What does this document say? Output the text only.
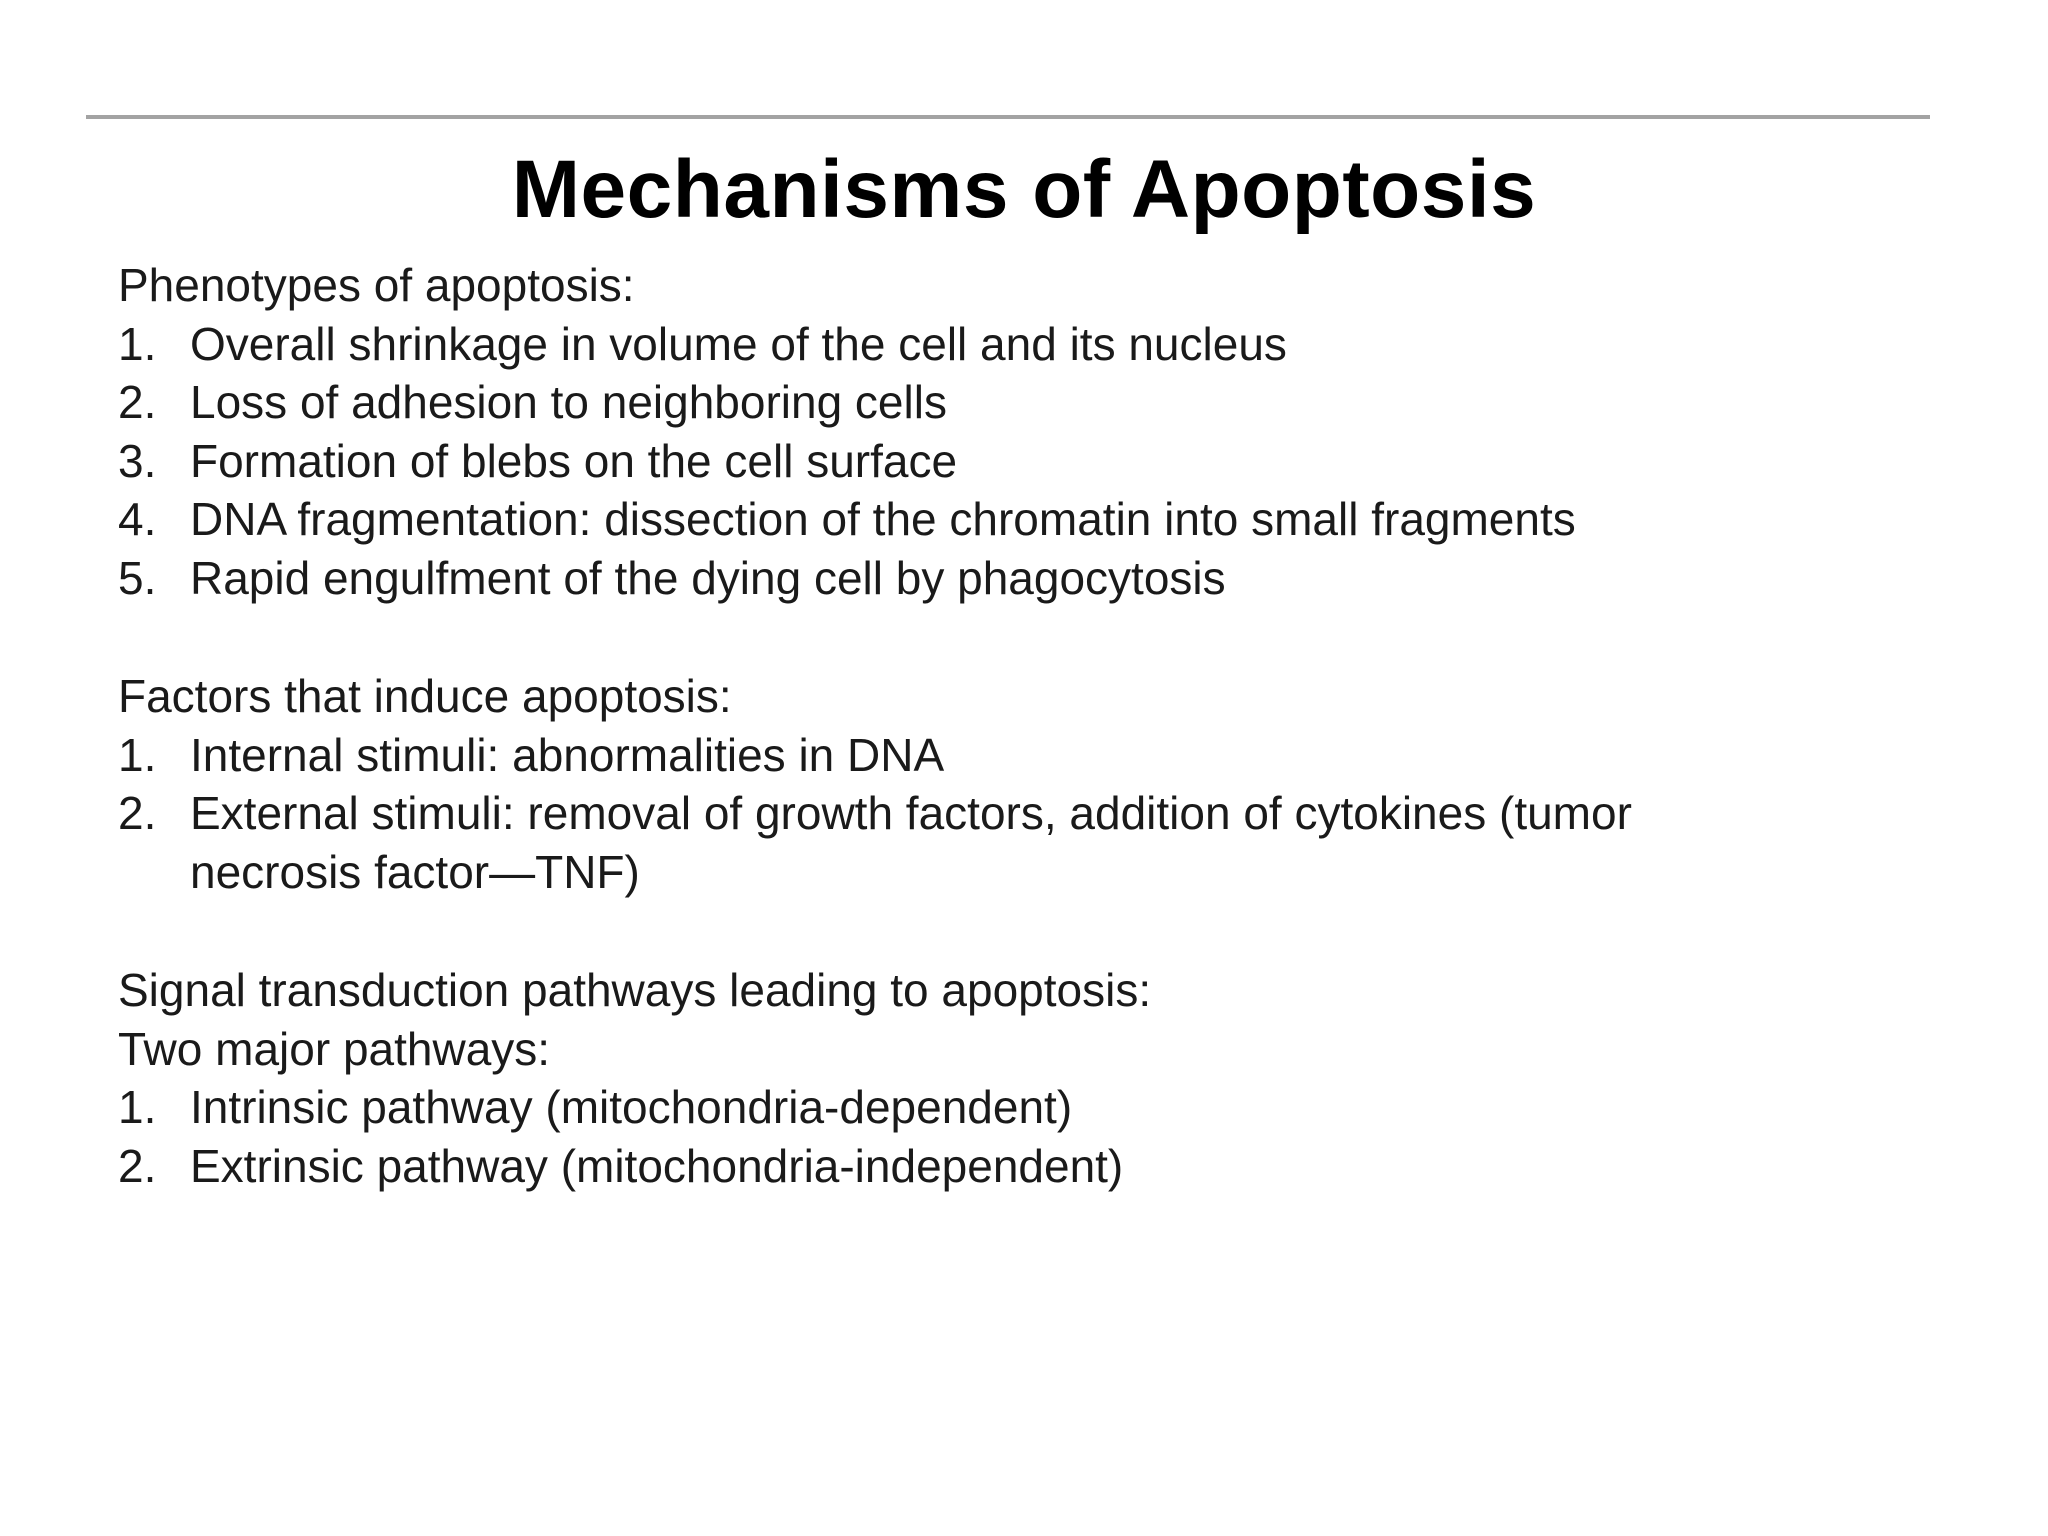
Mechanisms of Apoptosis
Phenotypes of apoptosis:
1. Overall shrinkage in volume of the cell and its nucleus
2. Loss of adhesion to neighboring cells
3. Formation of blebs on the cell surface
4. DNA fragmentation: dissection of the chromatin into small fragments
5. Rapid engulfment of the dying cell by phagocytosis
Factors that induce apoptosis:
1. Internal stimuli: abnormalities in DNA
2. External stimuli: removal of growth factors, addition of cytokines (tumor necrosis factor—TNF)
Signal transduction pathways leading to apoptosis:
Two major pathways:
1. Intrinsic pathway (mitochondria-dependent)
2. Extrinsic pathway (mitochondria-independent)
